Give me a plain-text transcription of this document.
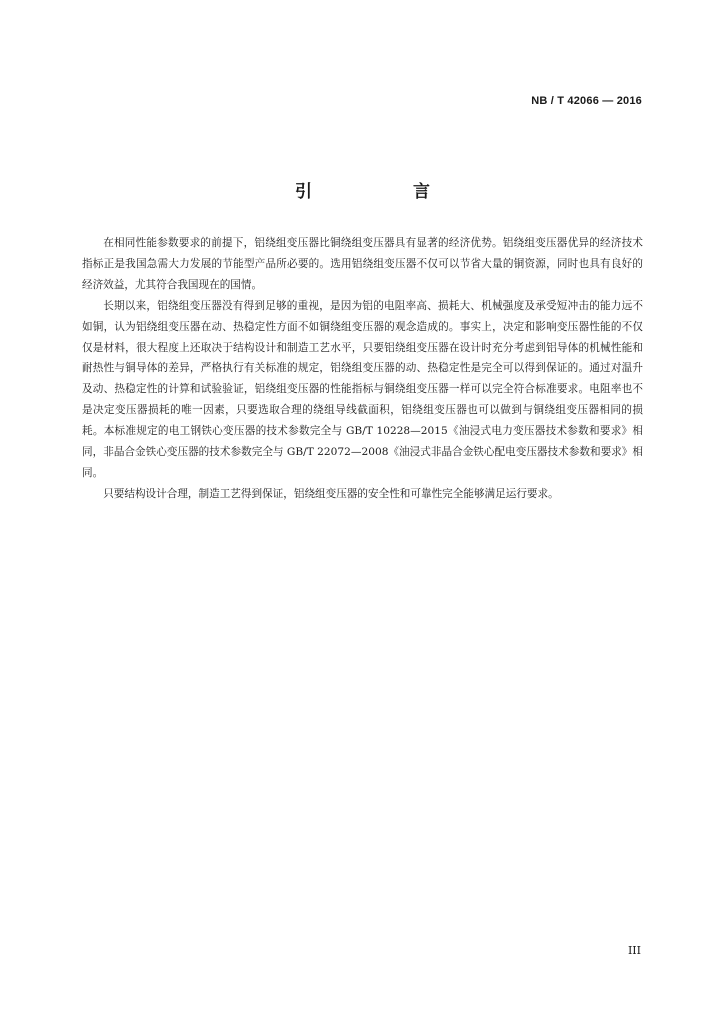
NB / T 42066 — 2016
引　言

在相同性能参数要求的前提下，铝绕组变压器比铜绕组变压器具有显著的经济优势。铝绕组变压器优异的经济技术指标正是我国急需大力发展的节能型产品所必要的。选用铝绕组变压器不仅可以节省大量的铜资源，同时也具有良好的经济效益，尤其符合我国现在的国情。

长期以来，铝绕组变压器没有得到足够的重视，是因为铝的电阻率高、损耗大、机械强度及承受短冲击的能力远不如铜，认为铝绕组变压器在动、热稳定性方面不如铜绕组变压器的观念造成的。事实上，决定和影响变压器性能的不仅仅是材料，很大程度上还取决于结构设计和制造工艺水平，只要铝绕组变压器在设计时充分考虑到铝导体的机械性能和耐热性与铜导体的差异，严格执行有关标准的规定，铝绕组变压器的动、热稳定性是完全可以得到保证的。通过对温升及动、热稳定性的计算和试验验证，铝绕组变压器的性能指标与铜绕组变压器一样可以完全符合标准要求。电阻率也不是决定变压器损耗的唯一因素，只要选取合理的绕组导线截面积，铝绕组变压器也可以做到与铜绕组变压器相同的损耗。本标准规定的电工钢铁心变压器的技术参数完全与 GB/T 10228—2015《油浸式电力变压器技术参数和要求》相同，非晶合金铁心变压器的技术参数完全与 GB/T 22072—2008《油浸式非晶合金铁心配电变压器技术参数和要求》相同。

只要结构设计合理，制造工艺得到保证，铝绕组变压器的安全性和可靠性完全能够满足运行要求。

III
